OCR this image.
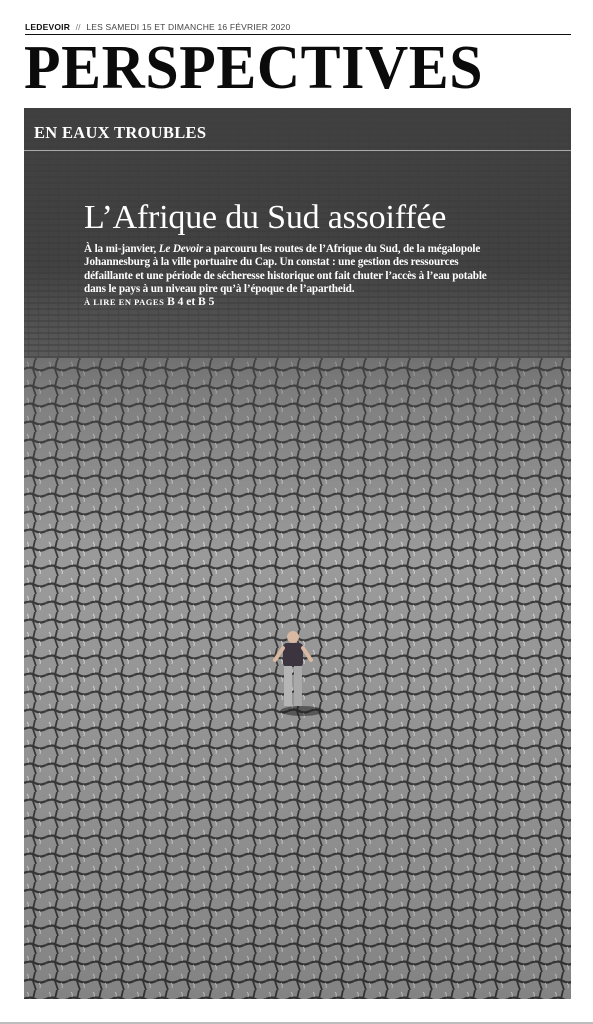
LEDEVOIR // LES SAMEDI 15 ET DIMANCHE 16 FÉVRIER 2020
PERSPECTIVES
EN EAUX TROUBLES
L’Afrique du Sud assoiffée
À la mi-janvier, Le Devoir a parcouru les routes de l’Afrique du Sud, de la mégalopole Johannesburg à la ville portuaire du Cap. Un constat : une gestion des ressources défaillante et une période de sécheresse historique ont fait chuter l’accès à l’eau potable dans le pays à un niveau pire qu’à l’époque de l’apartheid.
À LIRE EN PAGES B 4 et B 5
